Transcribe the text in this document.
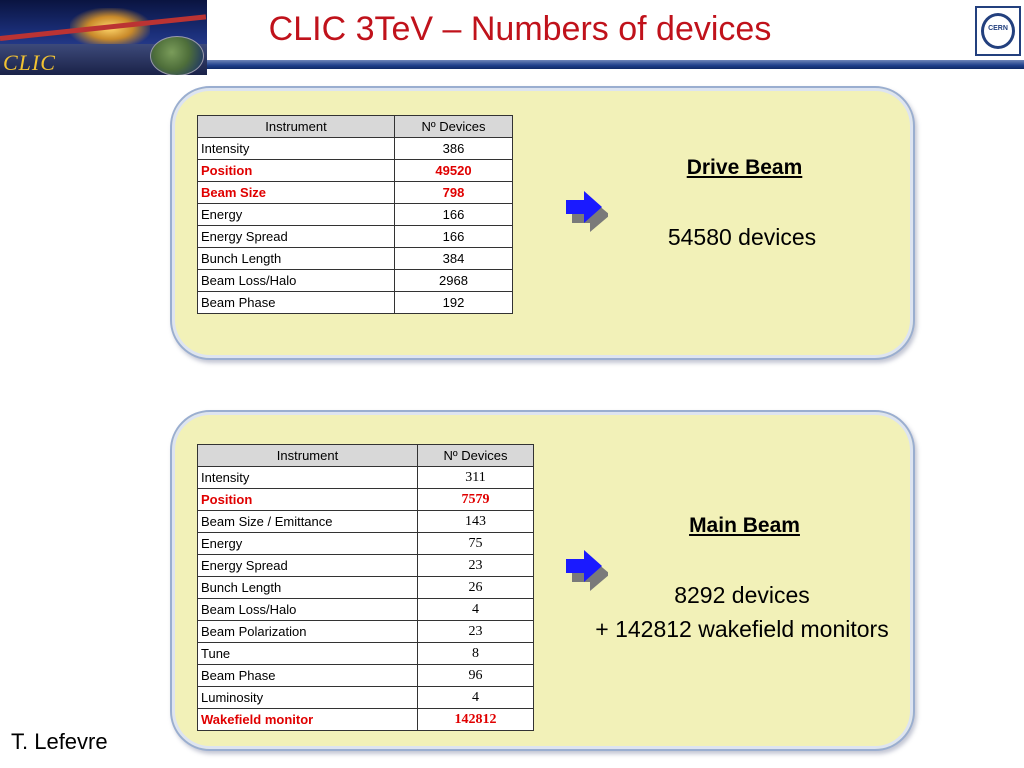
CLIC
CLIC 3TeV – Numbers of devices	CERN
Instrument	Nº Devices
Intensity	386
Position	49520
Beam Size	798
Energy	166
Energy Spread	166
Bunch Length	384
Beam Loss/Halo	2968
Beam Phase	192
Drive Beam
54580 devices
Instrument	Nº Devices
Intensity	311
Position	7579
Beam Size / Emittance	143
Energy	75
Energy Spread	23
Bunch Length	26
Beam Loss/Halo	4
Beam Polarization	23
Tune	8
Beam Phase	96
Luminosity	4
Wakefield monitor	142812
Main Beam
8292 devices
+ 142812 wakefield monitors
T. Lefevre
